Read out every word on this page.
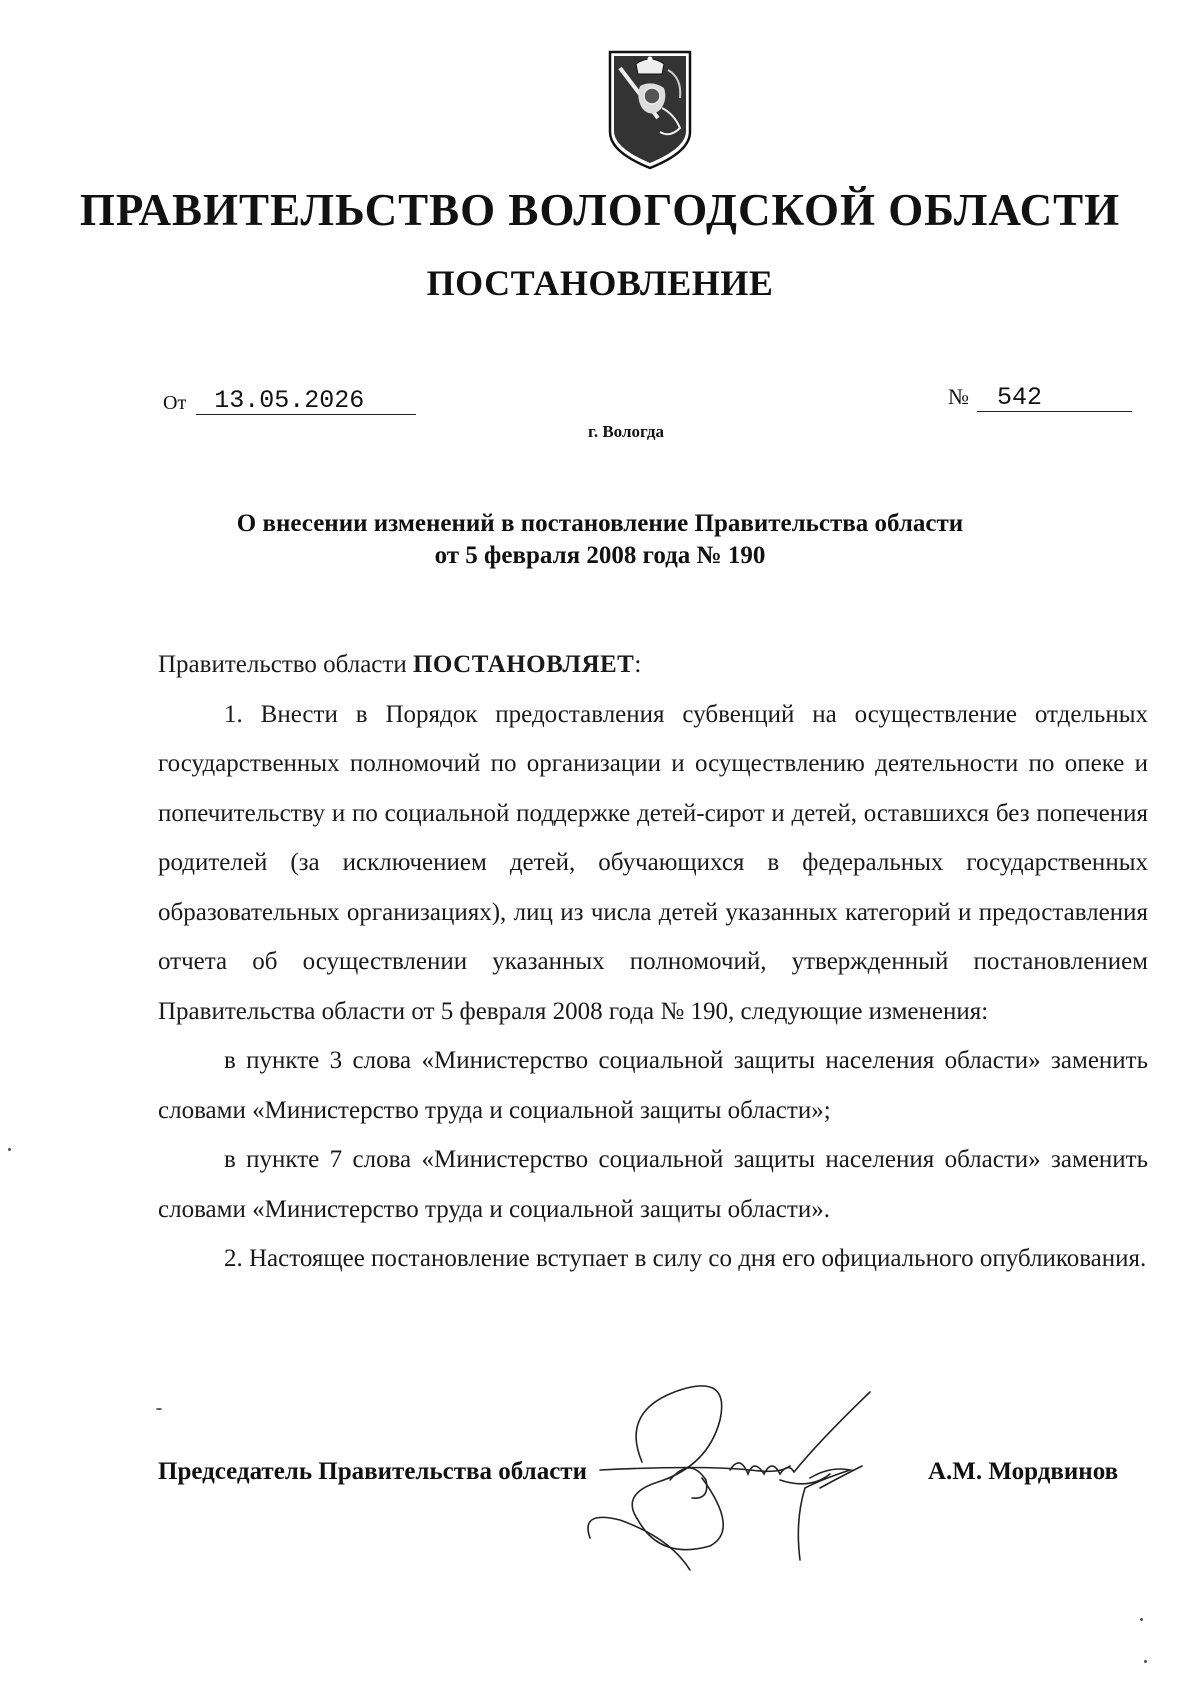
ПРАВИТЕЛЬСТВО ВОЛОГОДСКОЙ ОБЛАСТИ
ПОСТАНОВЛЕНИЕ
От 13.05.2026	№ 542
г. Вологда
О внесении изменений в постановление Правительства области
от 5 февраля 2008 года № 190

Правительство области ПОСТАНОВЛЯЕТ:

1. Внести в Порядок предоставления субвенций на осуществление отдельных государственных полномочий по организации и осуществлению деятельности по опеке и попечительству и по социальной поддержке детей-сирот и детей, оставшихся без попечения родителей (за исключением детей, обучающихся в федеральных государственных образовательных организациях), лиц из числа детей указанных категорий и предоставления отчета об осуществлении указанных полномочий, утвержденный постановлением Правительства области от 5 февраля 2008 года № 190, следующие изменения:

в пункте 3 слова «Министерство социальной защиты населения области» заменить словами «Министерство труда и социальной защиты области»;

в пункте 7 слова «Министерство социальной защиты населения области» заменить словами «Министерство труда и социальной защиты области».

2. Настоящее постановление вступает в силу со дня его официального опубликования.

Председатель Правительства области	А.М. Мордвинов
